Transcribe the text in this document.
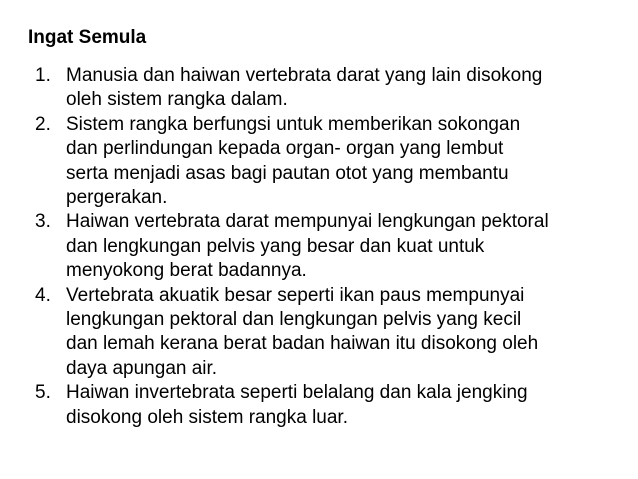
Ingat Semula
1. Manusia dan haiwan vertebrata darat yang lain disokong
oleh sistem rangka dalam.
2. Sistem rangka berfungsi untuk memberikan sokongan
dan perlindungan kepada organ- organ yang lembut
serta menjadi asas bagi pautan otot yang membantu
pergerakan.
3. Haiwan vertebrata darat mempunyai lengkungan pektoral
dan lengkungan pelvis yang besar dan kuat untuk
menyokong berat badannya.
4. Vertebrata akuatik besar seperti ikan paus mempunyai
lengkungan pektoral dan lengkungan pelvis yang kecil
dan lemah kerana berat badan haiwan itu disokong oleh
daya apungan air.
5. Haiwan invertebrata seperti belalang dan kala jengking
disokong oleh sistem rangka luar.
